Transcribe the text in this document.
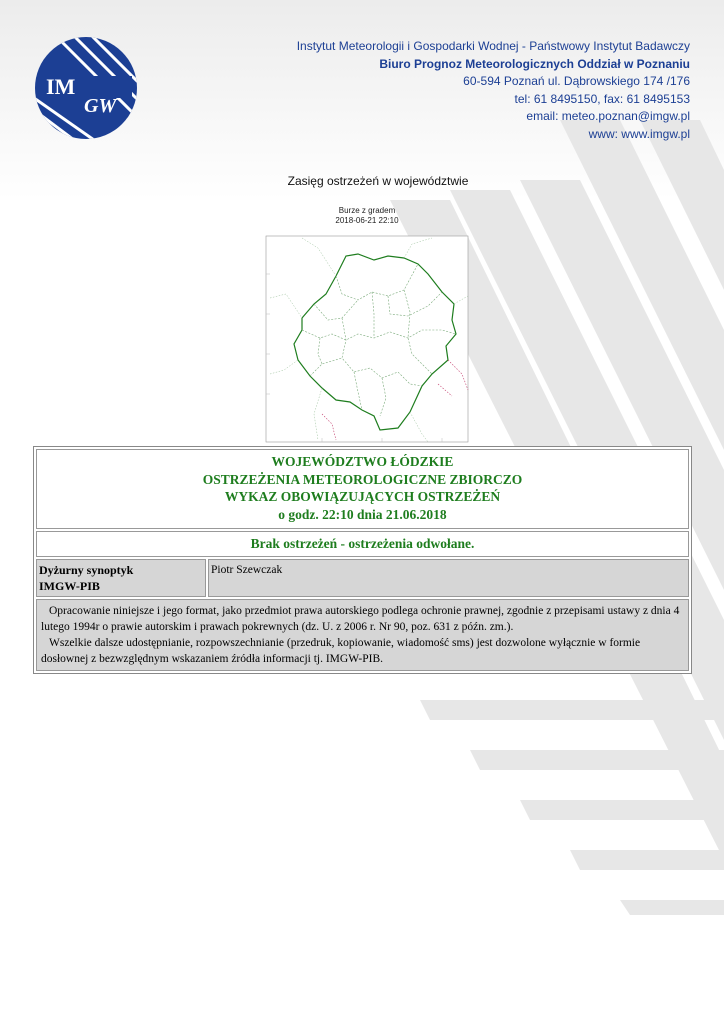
IM
GW
Instytut Meteorologii i Gospodarki Wodnej - Państwowy Instytut Badawczy
Biuro Prognoz Meteorologicznych Oddział w Poznaniu
60-594 Poznań ul. Dąbrowskiego 174 /176
tel: 61 8495150, fax: 61 8495153
email: meteo.poznan@imgw.pl
www: www.imgw.pl
Zasięg ostrzeżeń w województwie
Burze z gradem
2018-06-21 22:10
WOJEWÓDZTWO ŁÓDZKIE
OSTRZEŻENIA METEOROLOGICZNE ZBIORCZO
WYKAZ OBOWIĄZUJĄCYCH OSTRZEŻEŃ
o godz. 22:10 dnia 21.06.2018
Brak ostrzeżeń - ostrzeżenia odwołane.
Dyżurny synoptyk
IMGW-PIB
Piotr Szewczak

Opracowanie niniejsze i jego format, jako przedmiot prawa autorskiego podlega ochronie prawnej, zgodnie z przepisami ustawy z dnia 4 lutego 1994r o prawie autorskim i prawach pokrewnych (dz. U. z 2006 r. Nr 90, poz. 631 z późn. zm.).

Wszelkie dalsze udostępnianie, rozpowszechnianie (przedruk, kopiowanie, wiadomość sms) jest dozwolone wyłącznie w formie dosłownej z bezwzględnym wskazaniem źródła informacji tj. IMGW-PIB.
